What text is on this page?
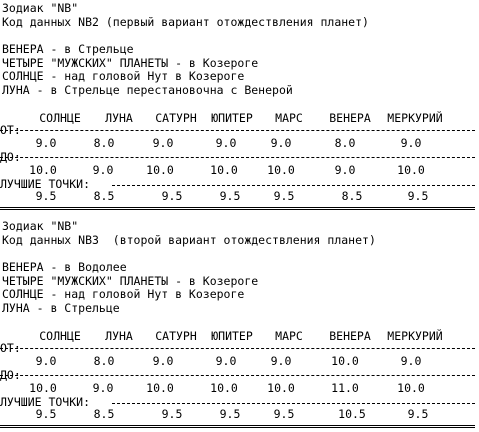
Зодиак "NB"
Код данных NB2 (первый вариант отождествления планет)
ВЕНЕРА - в Стрельце
ЧЕТЫРЕ "МУЖСКИХ" ПЛАНЕТЫ - в Козероге
СОЛНЦЕ - над головой Нут в Козероге
ЛУНА - в Стрельце перестановочна с Венерой
СОЛНЦЕ	ЛУНА	САТУРН	ЮПИТЕР	МАРС	ВЕНЕРА	МЕРКУРИЙ
ОТ:
9.0	8.0	9.0	9.0	9.0	8.0	9.0
ДО:
10.0	9.0	10.0	10.0	10.0	9.0	10.0
ЛУЧШИЕ ТОЧКИ:
9.5	8.5	9.5	9.5	9.5	8.5	9.5
Зодиак "NB"
Код данных NB3  (второй вариант отождествления планет)
ВЕНЕРА - в Водолее
ЧЕТЫРЕ "МУЖСКИХ" ПЛАНЕТЫ - в Козероге
СОЛНЦЕ - над головой Нут в Козероге
ЛУНА - в Стрельце
СОЛНЦЕ	ЛУНА	САТУРН	ЮПИТЕР	МАРС	ВЕНЕРА	МЕРКУРИЙ
ОТ:
9.0	8.0	9.0	9.0	9.0	10.0	9.0
ДО:
10.0	9.0	10.0	10.0	10.0	11.0	10.0
ЛУЧШИЕ ТОЧКИ:
9.5	8.5	9.5	9.5	9.5	10.5	9.5
